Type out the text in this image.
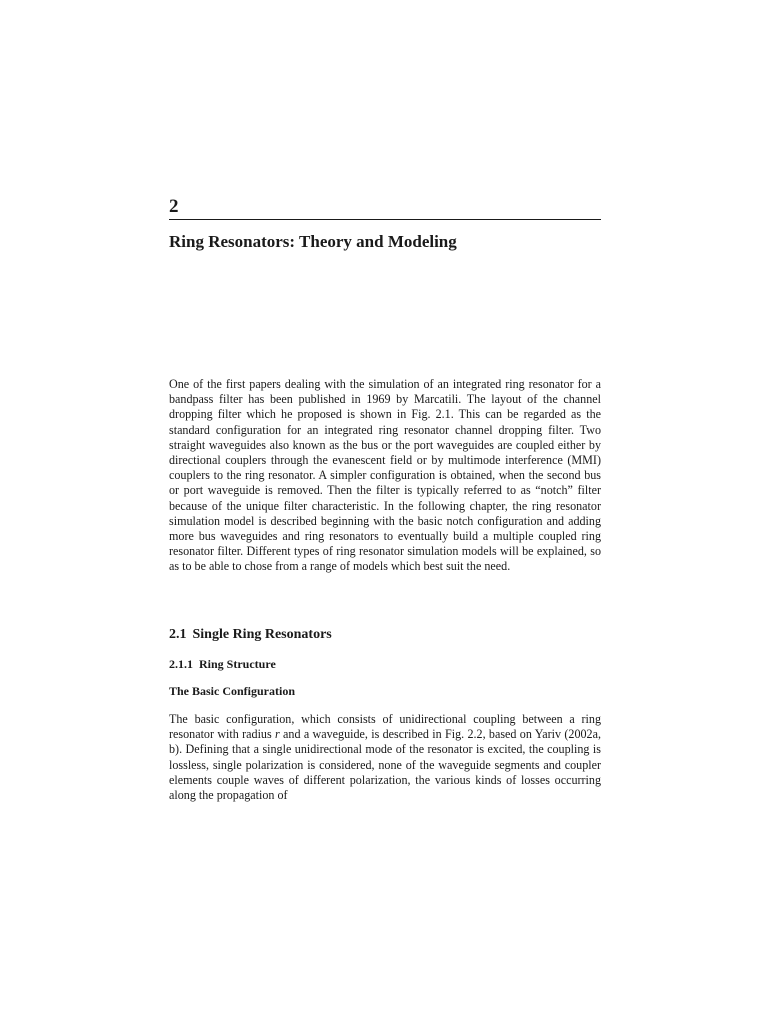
2
Ring Resonators: Theory and Modeling

One of the first papers dealing with the simulation of an integrated ring resonator for a bandpass filter has been published in 1969 by Marcatili. The layout of the channel dropping filter which he proposed is shown in Fig. 2.1. This can be regarded as the standard configuration for an integrated ring resonator channel dropping filter. Two straight waveguides also known as the bus or the port waveguides are coupled either by directional couplers through the evanescent field or by multimode interference (MMI) couplers to the ring resonator. A simpler configuration is obtained, when the second bus or port waveguide is removed. Then the filter is typically referred to as “notch” filter because of the unique filter characteristic. In the following chapter, the ring resonator simulation model is described beginning with the basic notch configuration and adding more bus waveguides and ring resonators to eventually build a multiple coupled ring resonator filter. Different types of ring resonator simulation models will be explained, so as to be able to chose from a range of models which best suit the need.

2.1 Single Ring Resonators
2.1.1 Ring Structure
The Basic Configuration

The basic configuration, which consists of unidirectional coupling between a ring resonator with radius r and a waveguide, is described in Fig. 2.2, based on Yariv (2002a, b). Defining that a single unidirectional mode of the resonator is excited, the coupling is lossless, single polarization is considered, none of the waveguide segments and coupler elements couple waves of different polarization, the various kinds of losses occurring along the propagation of
